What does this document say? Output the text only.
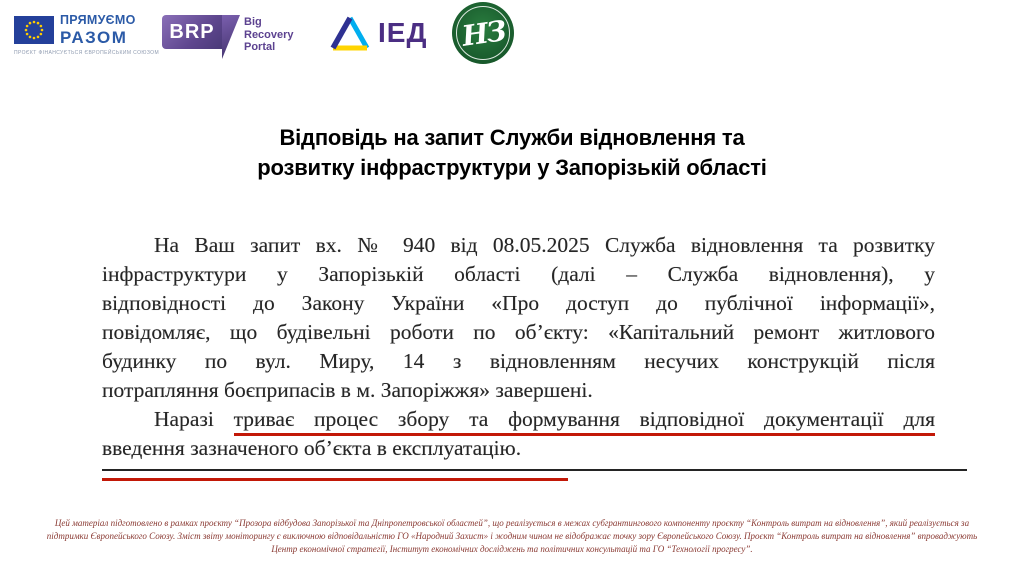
ПРЯМУЄМО
РАЗОМ
ПРОЄКТ ФІНАНСУЄТЬСЯ ЄВРОПЕЙСЬКИМ СОЮЗОМ
BRP	Big
Recovery
Portal	ІЕД НЗ
Відповідь на запит Служби відновлення та
розвитку інфраструктури у Запорізькій області
На Ваш запит вх. № 940 від 08.05.2025 Служба відновлення та розвитку
інфраструктури у Запорізькій області (далі – Служба відновлення), у
відповідності до Закону України «Про доступ до публічної інформації»,
повідомляє, що будівельні роботи по об’єкту: «Капітальний ремонт житлового
будинку по вул. Миру, 14 з відновленням несучих конструкцій після
потрапляння боєприпасів в м. Запоріжжя» завершені.
Наразі триває процес збору та формування відповідної документації для
введення зазначеного об’єкта в експлуатацію.
Цей матеріал підготовлено в рамках проєкту “Прозора відбудова Запорізької та Дніпропетровської областей”, що реалізується в межах субгрантингового компоненту проєкту “Контроль витрат на відновлення”, який реалізується за підтримки Європейського Союзу. Зміст звіту моніторингу є виключною відповідальністю ГО «Народний Захист» і жодним чином не відображає точку зору Європейського Союзу. Проєкт “Контроль витрат на відновлення” впроваджують Центр економічної стратегії, Інститут економічних досліджень та політичних консультацій та ГО “Технології прогресу”.
